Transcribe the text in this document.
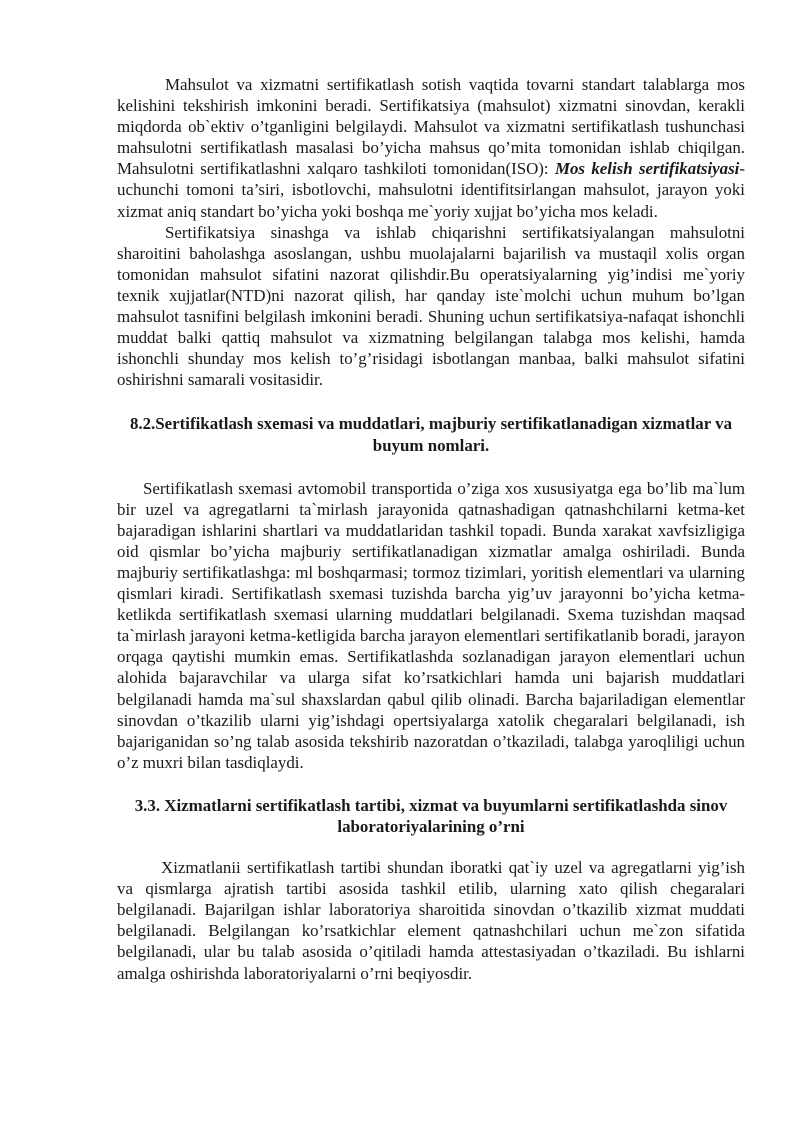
Mahsulot va xizmatni sertifikatlash sotish vaqtida tovarni standart talablarga mos kelishini tekshirish imkonini beradi. Sertifikatsiya (mahsulot) xizmatni sinovdan, kerakli miqdorda ob`ektiv o’tganligini belgilaydi. Mahsulot va xizmatni sertifikatlash tushunchasi mahsulotni sertifikatlash masalasi bo’yicha mahsus qo’mita tomonidan ishlab chiqilgan. Mahsulotni sertifikatlashni xalqaro tashkiloti tomonidan(ISO): Mos kelish sertifikatsiyasi- uchunchi tomoni ta’siri, isbotlovchi, mahsulotni identifitsirlangan mahsulot, jarayon yoki xizmat aniq standart bo’yicha yoki boshqa me`yoriy xujjat bo’yicha mos keladi.

Sertifikatsiya sinashga va ishlab chiqarishni sertifikatsiyalangan mahsulotni sharoitini baholashga asoslangan, ushbu muolajalarni bajarilish va mustaqil xolis organ tomonidan mahsulot sifatini nazorat qilishdir.Bu operatsiyalarning yig’indisi me`yoriy texnik xujjatlar(NTD)ni nazorat qilish, har qanday iste`molchi uchun muhum bo’lgan mahsulot tasnifini belgilash imkonini beradi. Shuning uchun sertifikatsiya-nafaqat ishonchli muddat balki qattiq mahsulot va xizmatning belgilangan talabga mos kelishi, hamda ishonchli shunday mos kelish to’g’risidagi isbotlangan manbaa, balki mahsulot sifatini oshirishni samarali vositasidir.

8.2.Sertifikatlash sxemasi va muddatlari, majburiy sertifikatlanadigan xizmatlar va buyum nomlari.

Sertifikatlash sxemasi avtomobil transportida o’ziga xos xususiyatga ega bo’lib ma`lum bir uzel va agregatlarni ta`mirlash jarayonida qatnashadigan qatnashchilarni ketma-ket bajaradigan ishlarini shartlari va muddatlaridan tashkil topadi. Bunda xarakat xavfsizligiga oid qismlar bo’yicha majburiy sertifikatlanadigan xizmatlar amalga oshiriladi. Bunda majburiy sertifikatlashga: ml boshqarmasi; tormoz tizimlari, yoritish elementlari va ularning qismlari kiradi. Sertifikatlash sxemasi tuzishda barcha yig’uv jarayonni bo’yicha ketma-ketlikda sertifikatlash sxemasi ularning muddatlari belgilanadi. Sxema tuzishdan maqsad ta`mirlash jarayoni ketma-ketligida barcha jarayon elementlari sertifikatlanib boradi, jarayon orqaga qaytishi mumkin emas. Sertifikatlashda sozlanadigan jarayon elementlari uchun alohida bajaravchilar va ularga sifat ko’rsatkichlari hamda uni bajarish muddatlari belgilanadi hamda ma`sul shaxslardan qabul qilib olinadi. Barcha bajariladigan elementlar sinovdan o’tkazilib ularni yig’ishdagi opertsiyalarga xatolik chegaralari belgilanadi, ish bajariganidan so’ng talab asosida tekshirib nazoratdan o’tkaziladi, talabga yaroqliligi uchun o’z muxri bilan tasdiqlaydi.

3.3. Xizmatlarni sertifikatlash tartibi, xizmat va buyumlarni sertifikatlashda sinov laboratoriyalarining o’rni

Xizmatlanii sertifikatlash tartibi shundan iboratki qat`iy uzel va agregatlarni yig’ish va qismlarga ajratish tartibi asosida tashkil etilib, ularning xato qilish chegaralari belgilanadi. Bajarilgan ishlar laboratoriya sharoitida sinovdan o’tkazilib xizmat muddati belgilanadi. Belgilangan ko’rsatkichlar element qatnashchilari uchun me`zon sifatida belgilanadi, ular bu talab asosida o’qitiladi hamda attestasiyadan o’tkaziladi. Bu ishlarni amalga oshirishda laboratoriyalarni o’rni beqiyosdir.
